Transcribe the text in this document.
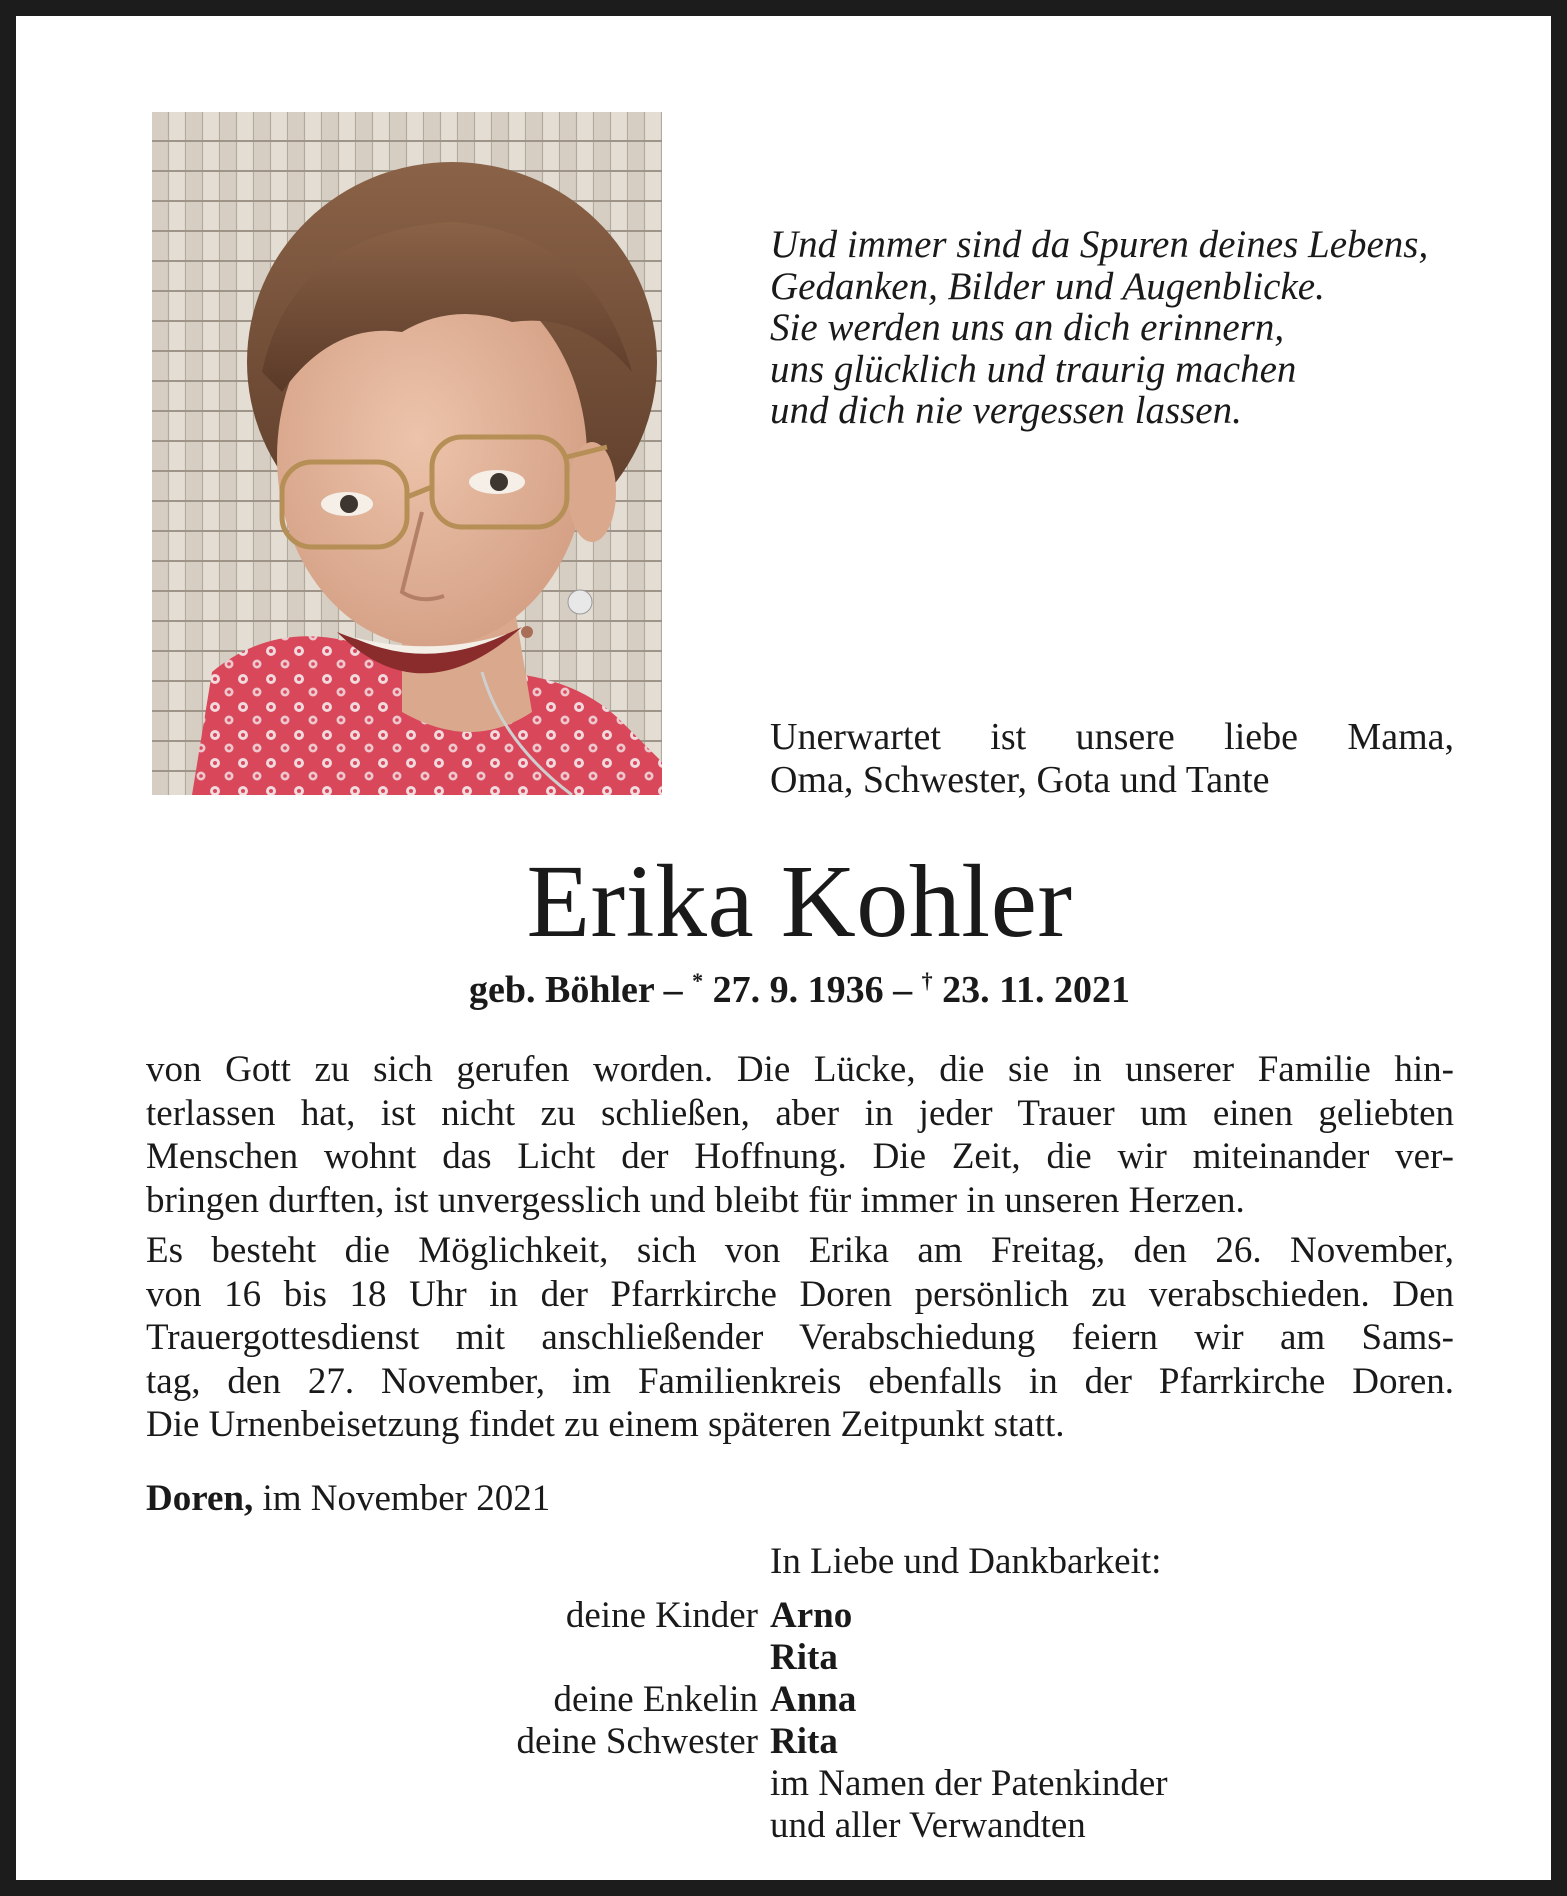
Und immer sind da Spuren deines Lebens,
Gedanken, Bilder und Augenblicke.
Sie werden uns an dich erinnern,
uns glücklich und traurig machen
und dich nie vergessen lassen.
Unerwartet ist unsere liebe Mama,
Oma, Schwester, Gota und Tante
Erika Kohler
geb. Böhler – * 27. 9. 1936 – † 23. 11. 2021
von Gott zu sich gerufen worden. Die Lücke, die sie in unserer Familie hin-
terlassen hat, ist nicht zu schließen, aber in jeder Trauer um einen geliebten
Menschen wohnt das Licht der Hoffnung. Die Zeit, die wir miteinander ver-
bringen durften, ist unvergesslich und bleibt für immer in unseren Herzen.
Es besteht die Möglichkeit, sich von Erika am Freitag, den 26. November,
von 16 bis 18 Uhr in der Pfarrkirche Doren persönlich zu verabschieden. Den
Trauergottesdienst mit anschließender Verabschiedung feiern wir am Sams-
tag, den 27. November, im Familienkreis ebenfalls in der Pfarrkirche Doren.
Die Urnenbeisetzung findet zu einem späteren Zeitpunkt statt.
Doren, im November 2021
In Liebe und Dankbarkeit:
deine Kinder Arno
Rita
deine Enkelin Anna
deine Schwester Rita
im Namen der Patenkinder
und aller Verwandten
